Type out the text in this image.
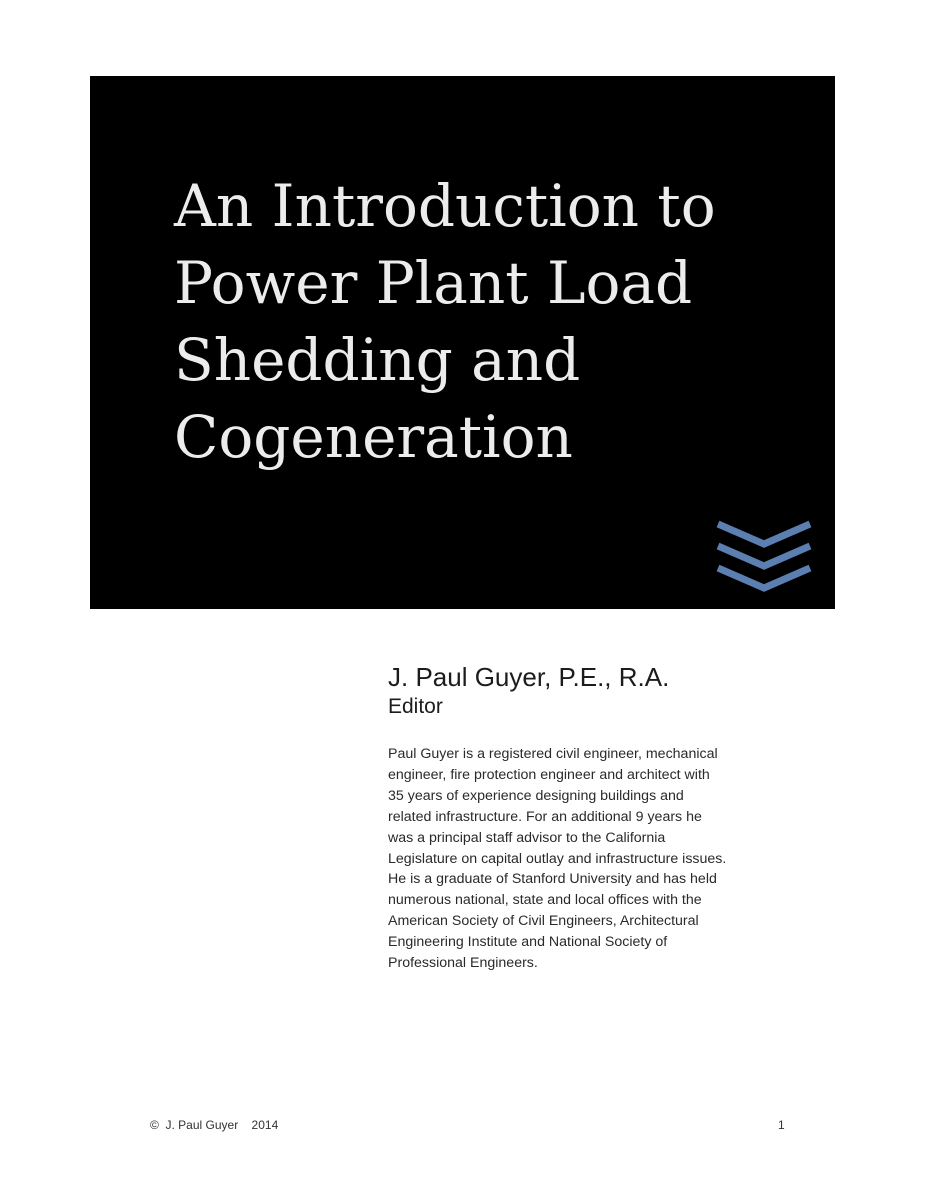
An Introduction to
Power Plant Load
Shedding and
Cogeneration
J. Paul Guyer, P.E., R.A.
Editor
Paul Guyer is a registered civil engineer, mechanical
engineer, fire protection engineer and architect with
35 years of experience designing buildings and
related infrastructure. For an additional 9 years he
was a principal staff advisor to the California
Legislature on capital outlay and infrastructure issues.
He is a graduate of Stanford University and has held
numerous national, state and local offices with the
American Society of Civil Engineers, Architectural
Engineering Institute and National Society of
Professional Engineers.
©  J. Paul Guyer    2014	1
